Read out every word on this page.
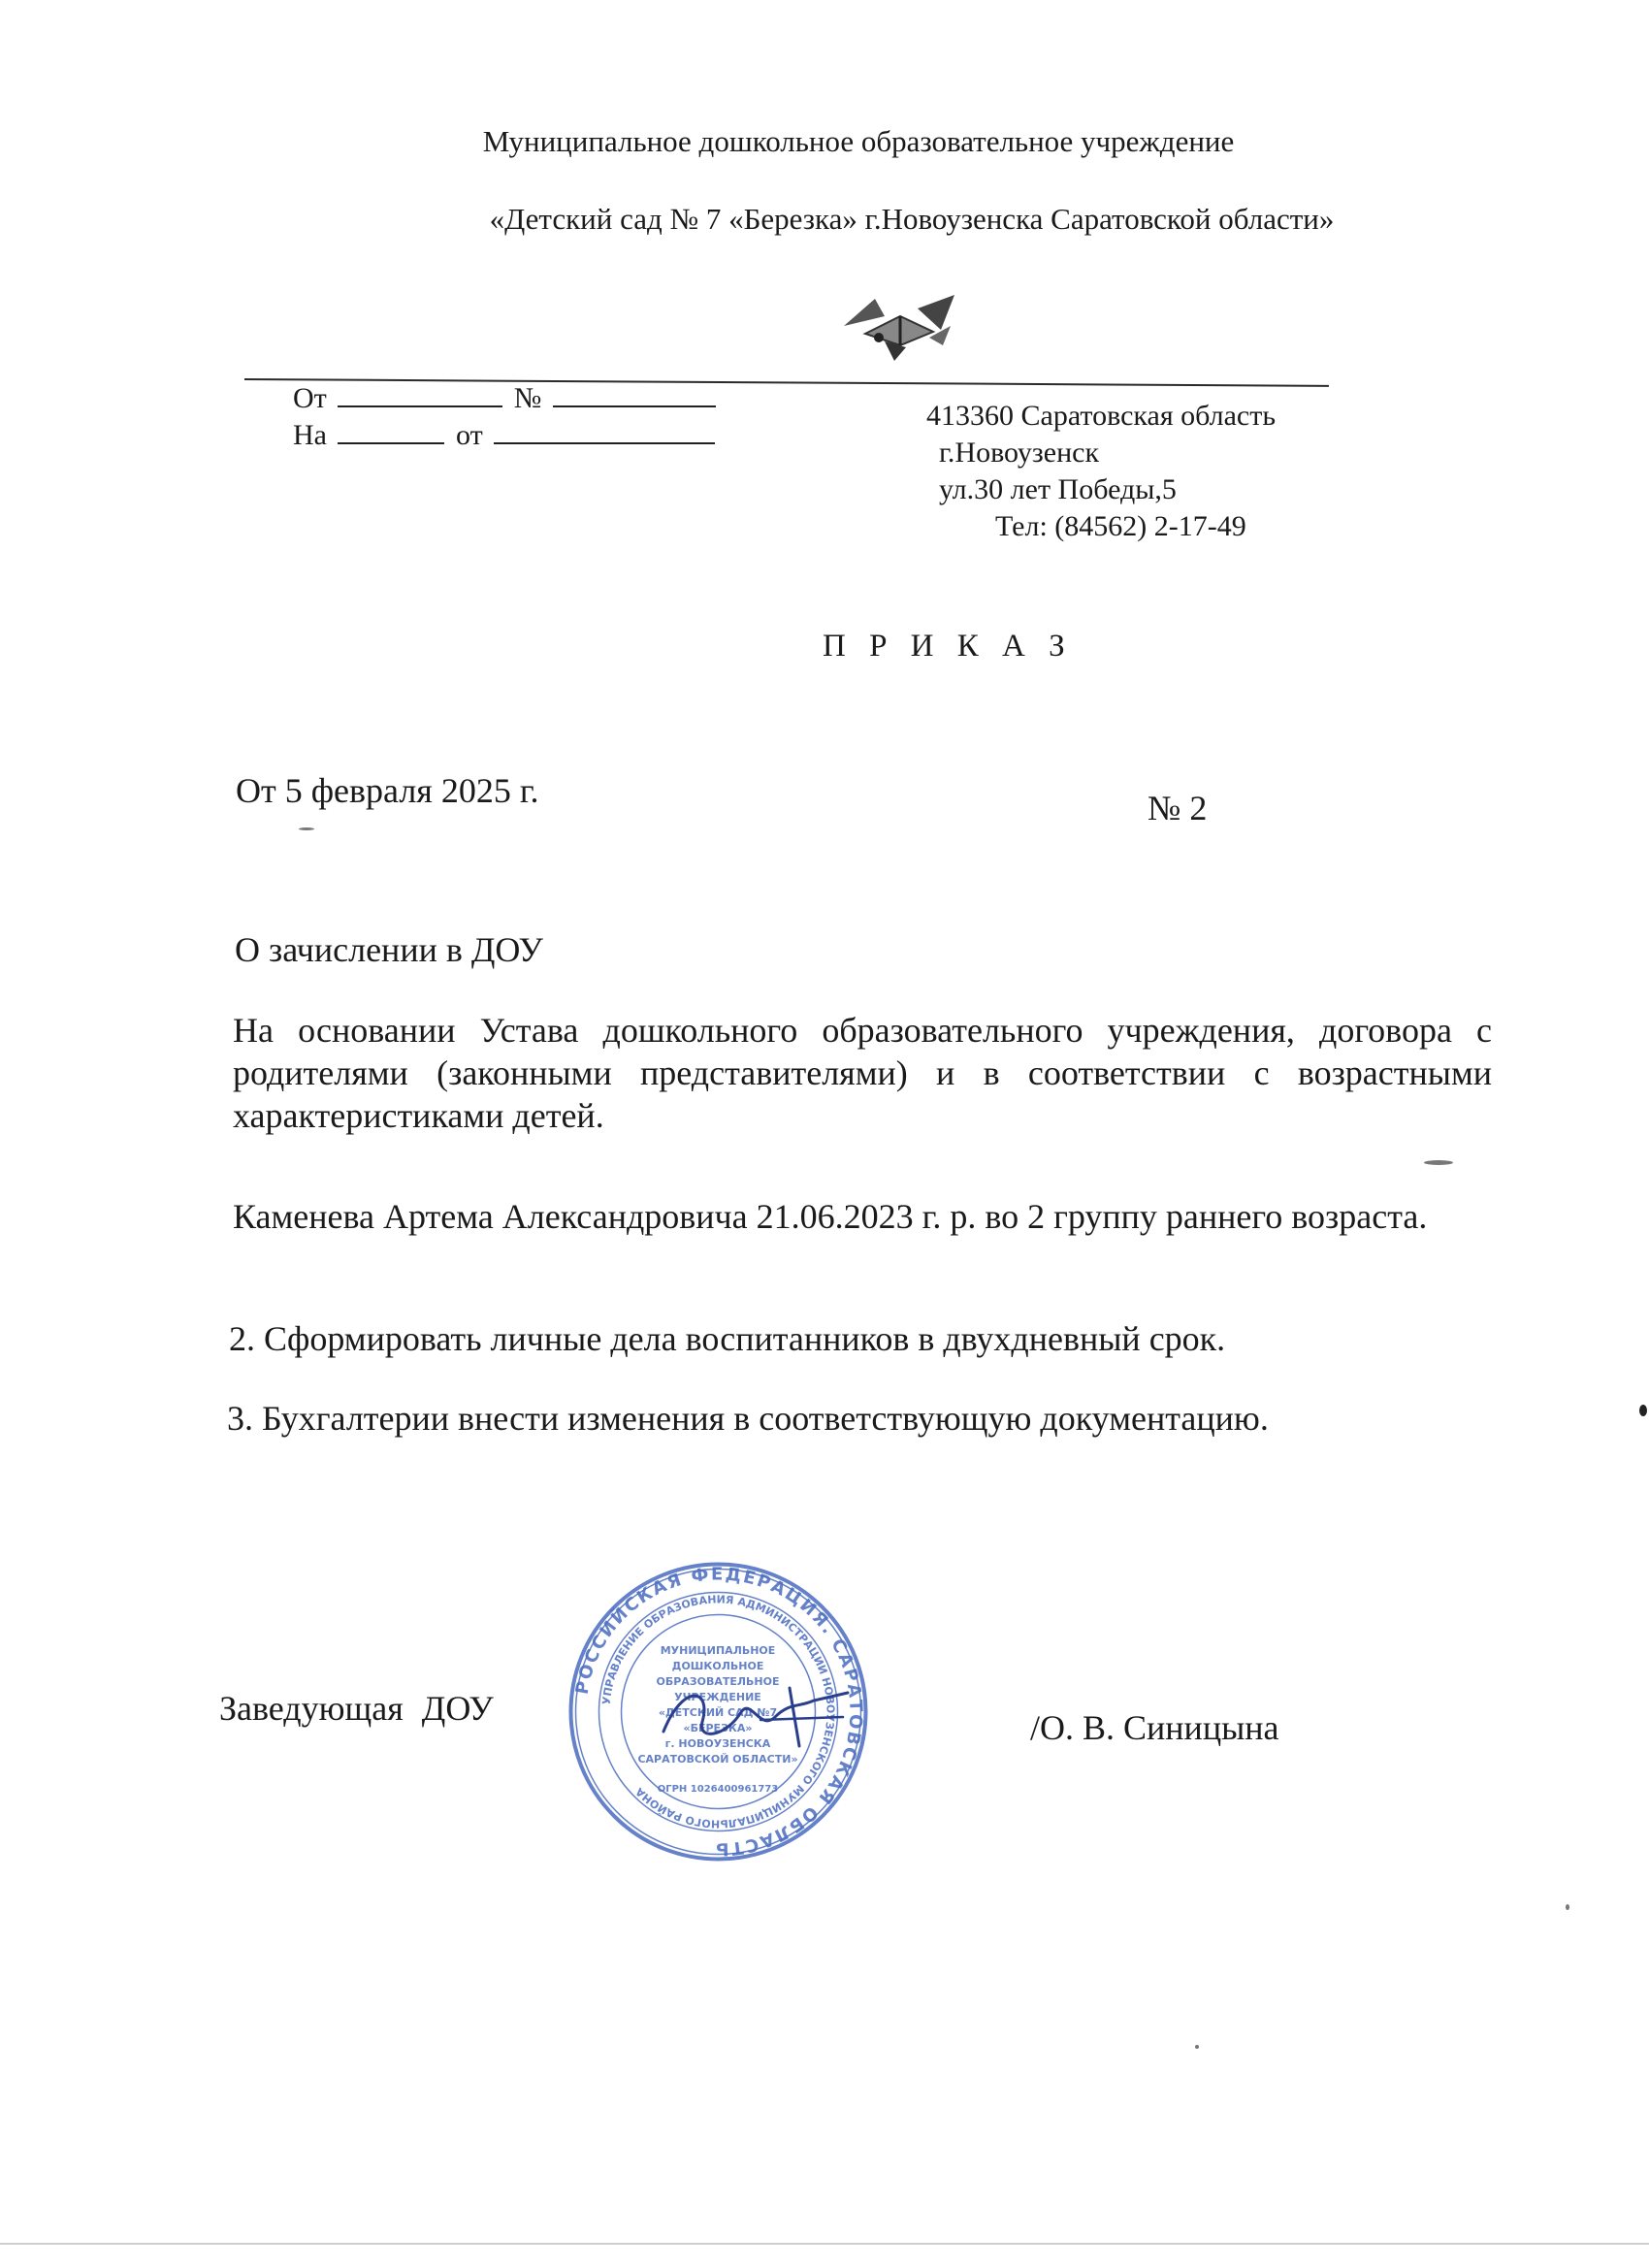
Муниципальное дошкольное образовательное учреждение
«Детский сад № 7 «Березка» г.Новоузенска Саратовской области»
От	№
На	от
413360 Саратовская область
г.Новоузенск
ул.30 лет Победы,5
Тел: (84562) 2-17-49
П Р И К А З
От 5 февраля 2025 г.	№ 2
О зачислении в ДОУ
На основании Устава дошкольного образовательного учреждения, договора с родителями (законными представителями) и в соответствии с возрастными характеристиками детей.
Каменева Артема Александровича 21.06.2023 г. р. во 2 группу раннего возраста.
2. Сформировать личные дела воспитанников в двухдневный срок.
3. Бухгалтерии внести изменения в соответствующую документацию.
Заведующая ДОУ	/О. В. Синицына
РОССИЙСКАЯ ФЕДЕРАЦИЯ. САРАТОВСКАЯ ОБЛАСТЬ
УПРАВЛЕНИЕ ОБРАЗОВАНИЯ АДМИНИСТРАЦИИ НОВОУЗЕНСКОГО МУНИЦИПАЛЬНОГО РАЙОНА
МУНИЦИПАЛЬНОЕ
ДОШКОЛЬНОЕ
ОБРАЗОВАТЕЛЬНОЕ
УЧРЕЖДЕНИЕ
«ДЕТСКИЙ САД №7
«БЕРЕЗКА»
г. НОВОУЗЕНСКА
САРАТОВСКОЙ ОБЛАСТИ»
ОГРН 1026400961773
